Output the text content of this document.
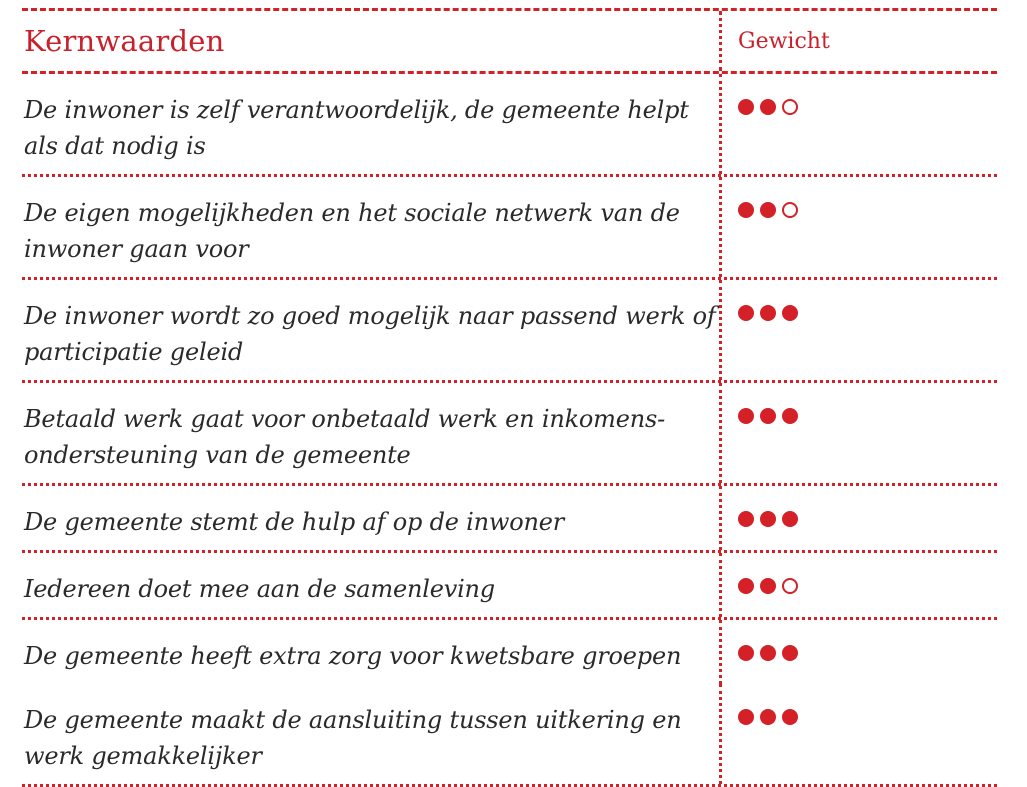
Kernwaarden	Gewicht
De inwoner is zelf verantwoordelijk, de gemeente helpt
als dat nodig is
De eigen mogelijkheden en het sociale netwerk van de
inwoner gaan voor
De inwoner wordt zo goed mogelijk naar passend werk of
participatie geleid
Betaald werk gaat voor onbetaald werk en inkomens-
ondersteuning van de gemeente
De gemeente stemt de hulp af op de inwoner
Iedereen doet mee aan de samenleving
De gemeente heeft extra zorg voor kwetsbare groepen
De gemeente maakt de aansluiting tussen uitkering en
werk gemakkelijker
